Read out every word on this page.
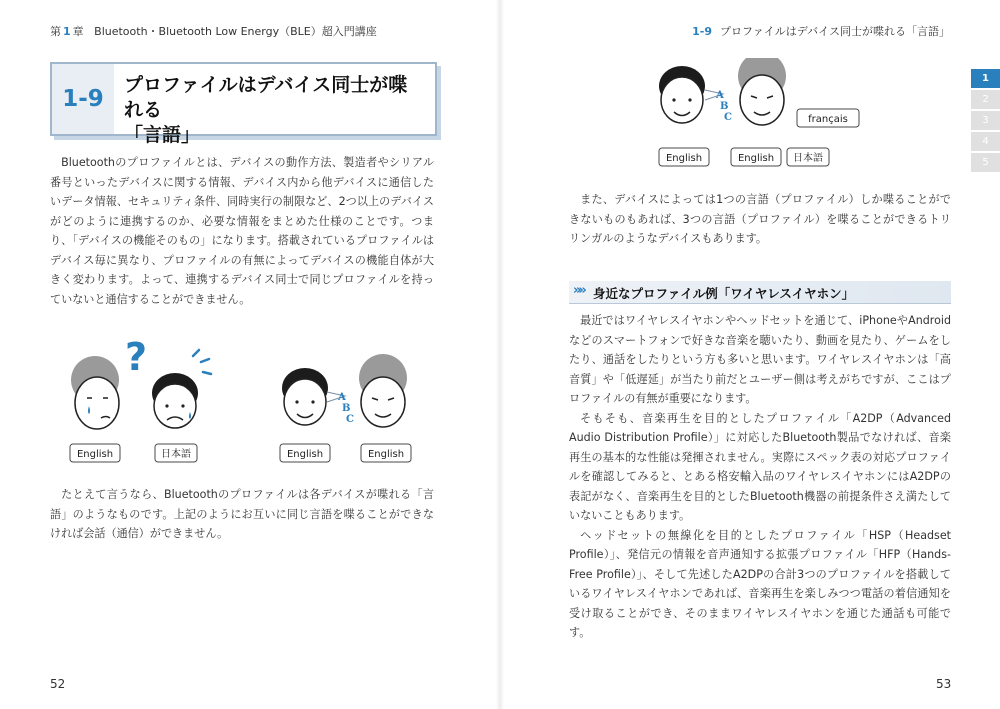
第 1 章 Bluetooth・Bluetooth Low Energy（BLE）超入門講座
1-9
プロファイルはデバイス同士が喋れる
「言語」

Bluetoothのプロファイルとは、デバイスの動作方法、製造者やシリアル番号といったデバイスに関する情報、デバイス内から他デバイスに通信したいデータ情報、セキュリティ条件、同時実行の制限など、2つ以上のデバイスがどのように連携するのか、必要な情報をまとめた仕様のことです。つまり、「デバイスの機能そのもの」になります。搭載されているプロファイルはデバイス毎に異なり、プロファイルの有無によってデバイスの機能自体が大きく変わります。よって、連携するデバイス同士で同じプロファイルを持っていないと通信することができません。

?
English	日本語
A
B
C
English	English

たとえて言うなら、Bluetoothのプロファイルは各デバイスが喋れる「言語」のようなものです。上記のようにお互いに同じ言語を喋ることができなければ会話（通信）ができません。

52
1-9 プロファイルはデバイス同士が喋れる「言語」
A
B
C	français
English	English 日本語

また、デバイスによっては1つの言語（プロファイル）しか喋ることができないものもあれば、3つの言語（プロファイル）を喋ることができるトリリンガルのようなデバイスもあります。

»» 身近なプロファイル例「ワイヤレスイヤホン」

最近ではワイヤレスイヤホンやヘッドセットを通じて、iPhoneやAndroidなどのスマートフォンで好きな音楽を聴いたり、動画を見たり、ゲームをしたり、通話をしたりという方も多いと思います。ワイヤレスイヤホンは「高音質」や「低遅延」が当たり前だとユーザー側は考えがちですが、ここはプロファイルの有無が重要になります。

そもそも、音楽再生を目的としたプロファイル「A2DP（Advanced Audio Distribution Profile）」に対応したBluetooth製品でなければ、音楽再生の基本的な性能は発揮されません。実際にスペック表の対応プロファイルを確認してみると、とある格安輸入品のワイヤレスイヤホンにはA2DPの表記がなく、音楽再生を目的としたBluetooth機器の前提条件さえ満たしていないこともあります。

ヘッドセットの無線化を目的としたプロファイル「HSP（Headset Profile）」、発信元の情報を音声通知する拡張プロファイル「HFP（Hands-Free Profile）」、そして先述したA2DPの合計3つのプロファイルを搭載しているワイヤレスイヤホンであれば、音楽再生を楽しみつつ電話の着信通知を受け取ることができ、そのままワイヤレスイヤホンを通じた通話も可能です。

53
1
2
3
4
5
